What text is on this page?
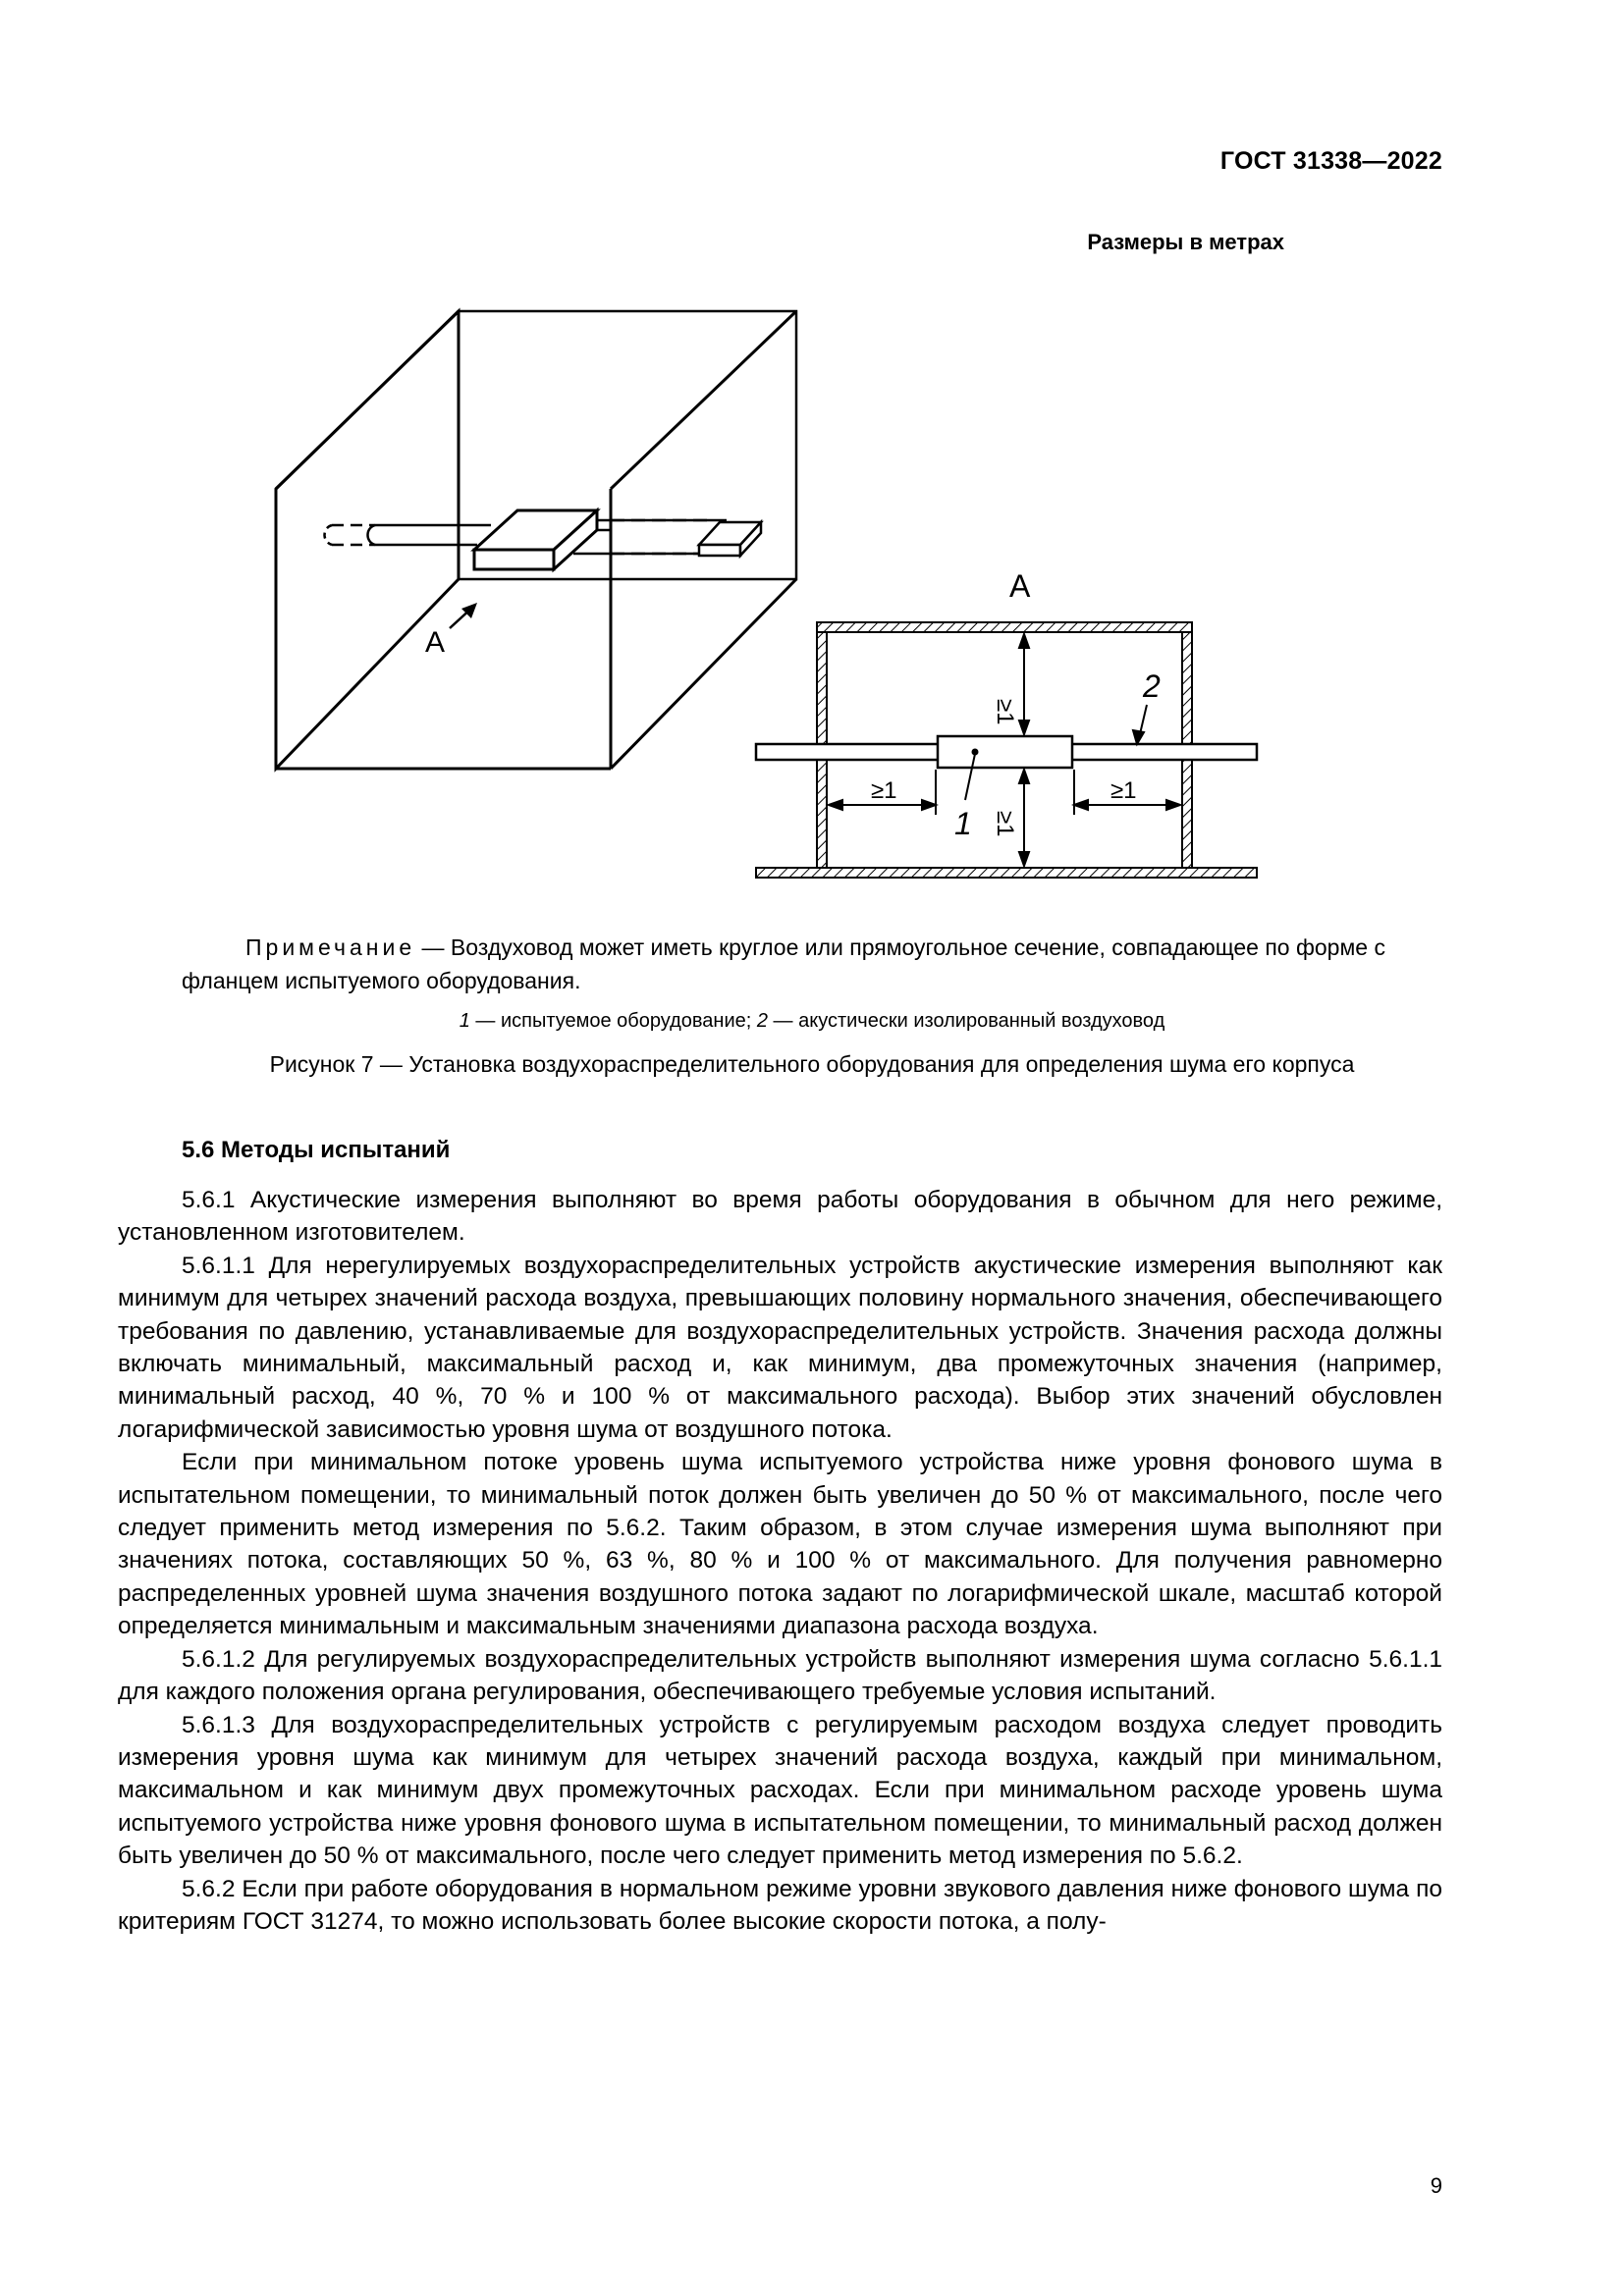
ГОСТ 31338—2022
Размеры в метрах
А
А
≥1
≥1
≥1	≥1
1
2
Примечание — Воздуховод может иметь круглое или прямоугольное сечение, совпадающее по форме с фланцем испытуемого оборудования.
1 — испытуемое оборудование; 2 — акустически изолированный воздуховод
Рисунок 7 — Установка воздухораспределительного оборудования для определения шума его корпуса
5.6 Методы испытаний

5.6.1 Акустические измерения выполняют во время работы оборудования в обычном для него режиме, установленном изготовителем.

5.6.1.1 Для нерегулируемых воздухораспределительных устройств акустические измерения выполняют как минимум для четырех значений расхода воздуха, превышающих половину нормального значения, обеспечивающего требования по давлению, устанавливаемые для воздухораспределительных устройств. Значения расхода должны включать минимальный, максимальный расход и, как минимум, два промежуточных значения (например, минимальный расход, 40 %, 70 % и 100 % от максимального расхода). Выбор этих значений обусловлен логарифмической зависимостью уровня шума от воздушного потока.

Если при минимальном потоке уровень шума испытуемого устройства ниже уровня фонового шума в испытательном помещении, то минимальный поток должен быть увеличен до 50 % от максимального, после чего следует применить метод измерения по 5.6.2. Таким образом, в этом случае измерения шума выполняют при значениях потока, составляющих 50 %, 63 %, 80 % и 100 % от максимального. Для получения равномерно распределенных уровней шума значения воздушного потока задают по логарифмической шкале, масштаб которой определяется минимальным и максимальным значениями диапазона расхода воздуха.

5.6.1.2 Для регулируемых воздухораспределительных устройств выполняют измерения шума согласно 5.6.1.1 для каждого положения органа регулирования, обеспечивающего требуемые условия испытаний.

5.6.1.3 Для воздухораспределительных устройств с регулируемым расходом воздуха следует проводить измерения уровня шума как минимум для четырех значений расхода воздуха, каждый при минимальном, максимальном и как минимум двух промежуточных расходах. Если при минимальном расходе уровень шума испытуемого устройства ниже уровня фонового шума в испытательном помещении, то минимальный расход должен быть увеличен до 50 % от максимального, после чего следует применить метод измерения по 5.6.2.

5.6.2 Если при работе оборудования в нормальном режиме уровни звукового давления ниже фонового шума по критериям ГОСТ 31274, то можно использовать более высокие скорости потока, а полу-

9
